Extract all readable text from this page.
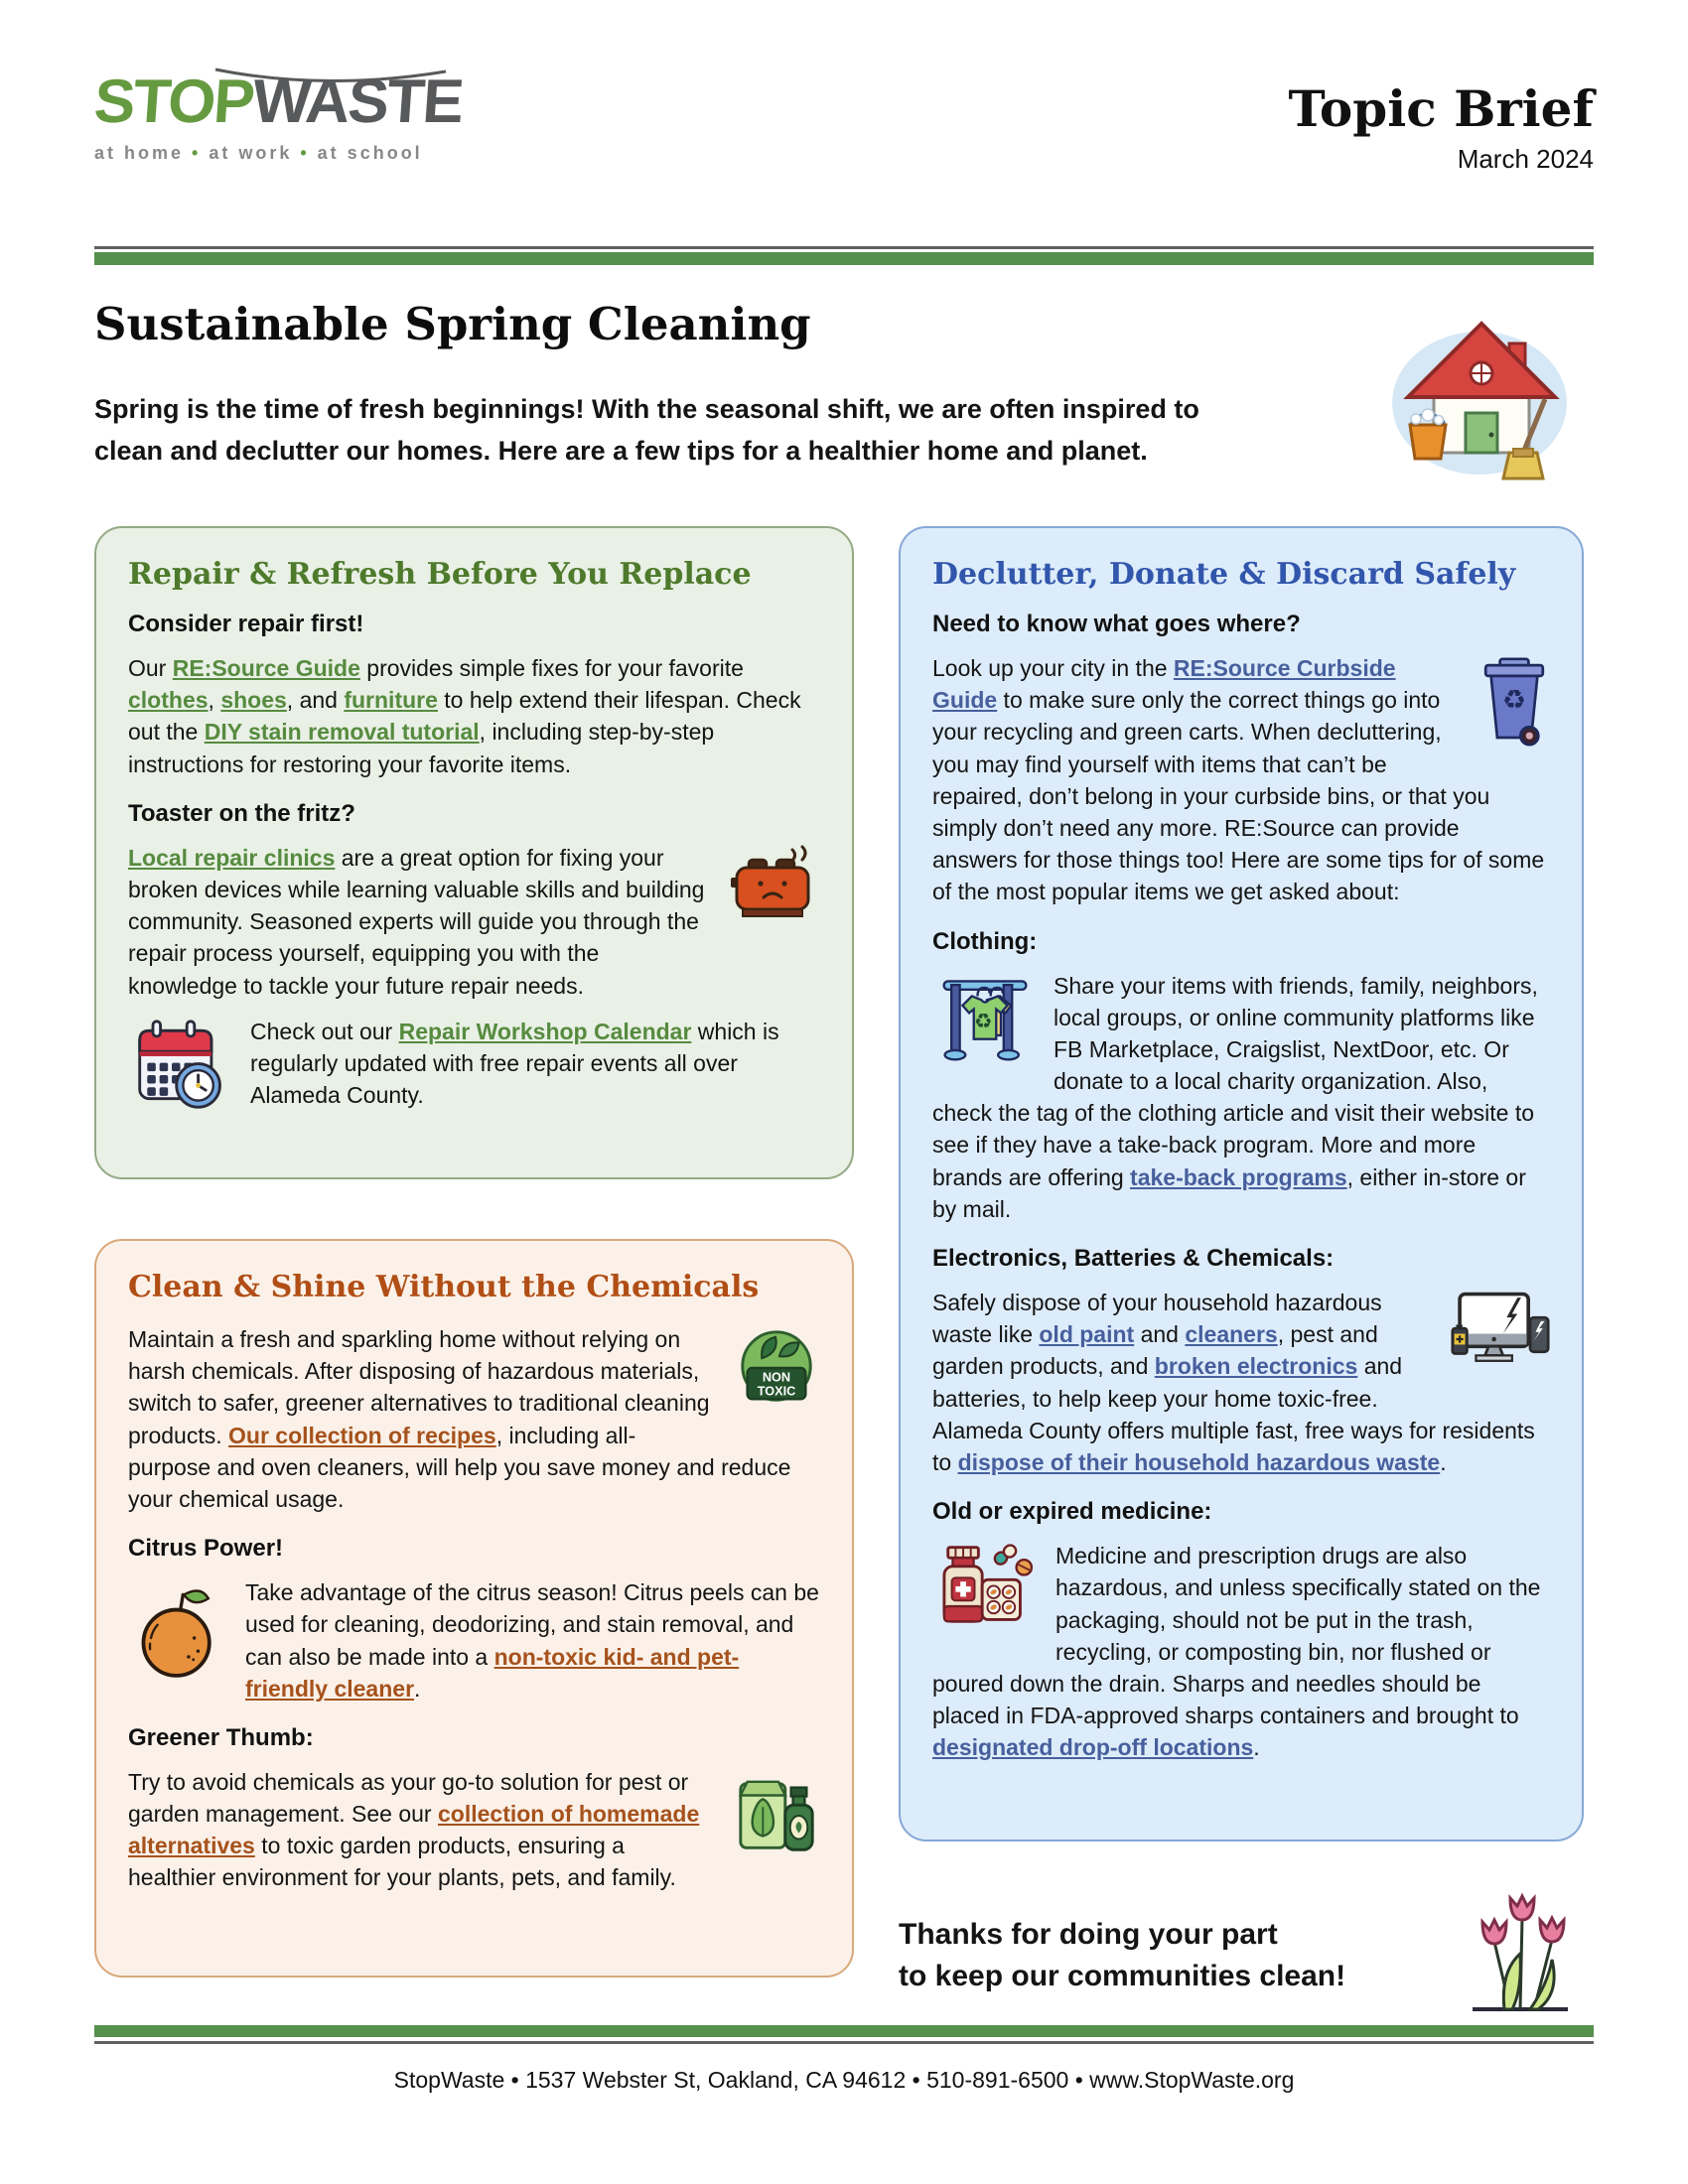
STOPWASTE
at home • at work • at school
Topic Brief
March 2024
Sustainable Spring Cleaning
Spring is the time of fresh beginnings! With the seasonal shift, we are often inspired to clean and declutter our homes. Here are a few tips for a healthier home and planet.
Repair & Refresh Before You Replace
Consider repair first!
Our RE:Source Guide provides simple fixes for your favorite clothes, shoes, and furniture to help extend their lifespan. Check out the DIY stain removal tutorial, including step-by-step instructions for restoring your favorite items.
Toaster on the fritz?
Local repair clinics are a great option for fixing your broken devices while learning valuable skills and building community. Seasoned experts will guide you through the repair process yourself, equipping you with the knowledge to tackle your future repair needs.
Check out our Repair Workshop Calendar which is regularly updated with free repair events all over Alameda County.
Clean & Shine Without the Chemicals
NON
TOXIC
Maintain a fresh and sparkling home without relying on harsh chemicals. After disposing of hazardous materials, switch to safer, greener alternatives to traditional cleaning products. Our collection of recipes, including all-purpose and oven cleaners, will help you save money and reduce your chemical usage.
Citrus Power!
Take advantage of the citrus season! Citrus peels can be used for cleaning, deodorizing, and stain removal, and can also be made into a non-toxic kid- and pet-friendly cleaner.
Greener Thumb:
Try to avoid chemicals as your go-to solution for pest or garden management. See our collection of homemade alternatives to toxic garden products, ensuring a healthier environment for your plants, pets, and family.
Declutter, Donate & Discard Safely
Need to know what goes where?
♻
Look up your city in the RE:Source Curbside Guide to make sure only the correct things go into your recycling and green carts. When decluttering, you may find yourself with items that can’t be repaired, don’t belong in your curbside bins, or that you simply don’t need any more. RE:Source can provide answers for those things too! Here are some tips for of some of the most popular items we get asked about:
Clothing:
♻
Share your items with friends, family, neighbors, local groups, or online community platforms like FB Marketplace, Craigslist, NextDoor, etc. Or donate to a local charity organization. Also, check the tag of the clothing article and visit their website to see if they have a take-back program. More and more brands are offering take-back programs, either in-store or by mail.
Electronics, Batteries & Chemicals:
Safely dispose of your household hazardous waste like old paint and cleaners, pest and garden products, and broken electronics and batteries, to help keep your home toxic-free. Alameda County offers multiple fast, free ways for residents to dispose of their household hazardous waste.
Old or expired medicine:
Medicine and prescription drugs are also hazardous, and unless specifically stated on the packaging, should not be put in the trash, recycling, or composting bin, nor flushed or poured down the drain. Sharps and needles should be placed in FDA-approved sharps containers and brought to designated drop-off locations.
Thanks for doing your part
to keep our communities clean!
StopWaste • 1537 Webster St, Oakland, CA 94612 • 510-891-6500 • www.StopWaste.org
